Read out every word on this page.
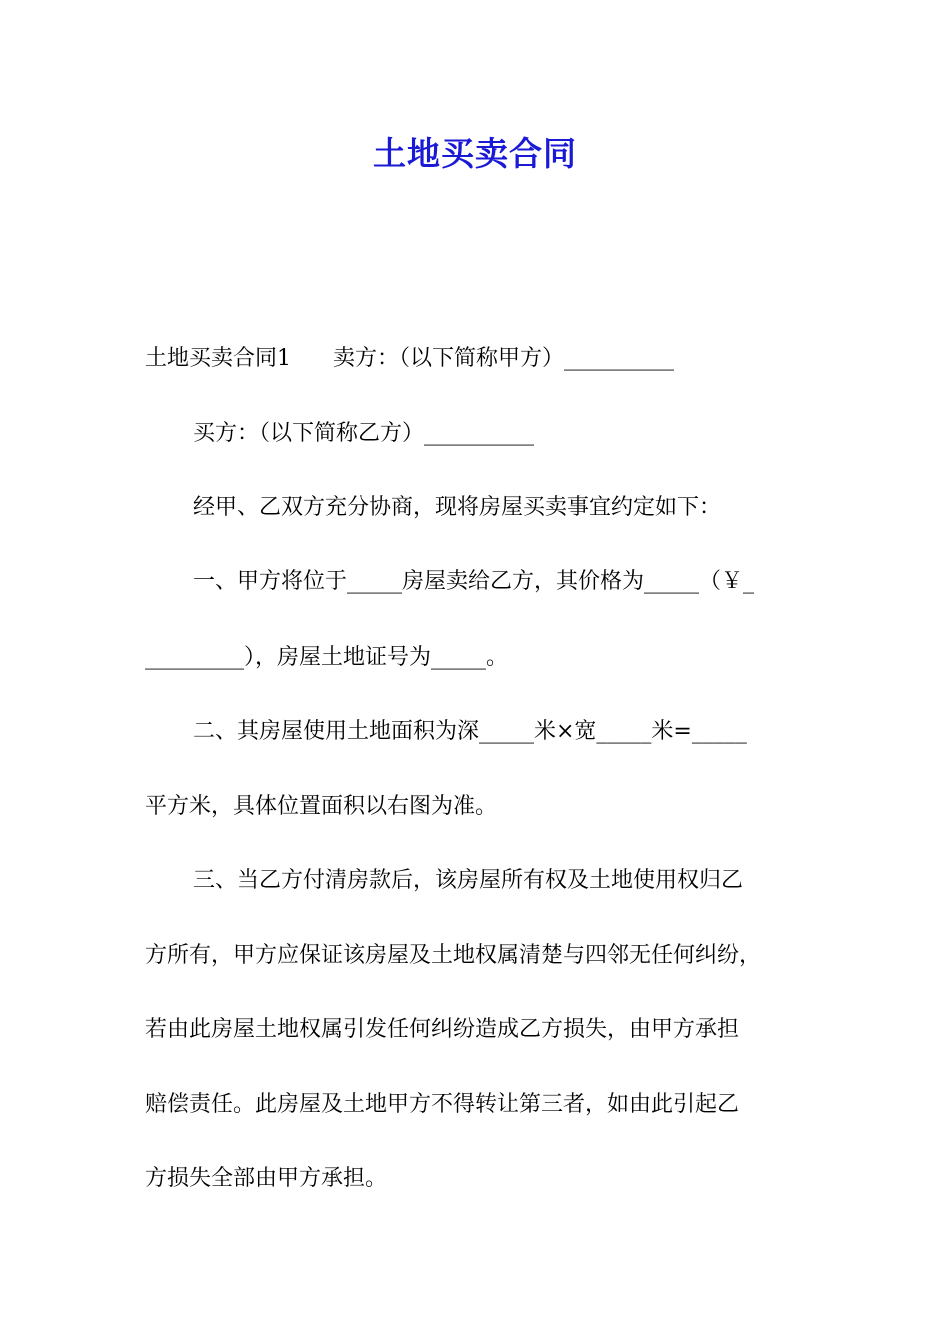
土地买卖合同
土地买卖合同1      卖方：（以下简称甲方）__________
买方：（以下简称乙方）__________
经甲、乙双方充分协商，现将房屋买卖事宜约定如下：
一、甲方将位于_____房屋卖给乙方，其价格为_____（￥_
_________），房屋土地证号为_____。
二、其房屋使用土地面积为深_____米×宽_____米=_____
平方米，具体位置面积以右图为准。
三、当乙方付清房款后，该房屋所有权及土地使用权归乙
方所有，甲方应保证该房屋及土地权属清楚与四邻无任何纠纷，
若由此房屋土地权属引发任何纠纷造成乙方损失，由甲方承担
赔偿责任。此房屋及土地甲方不得转让第三者，如由此引起乙
方损失全部由甲方承担。
